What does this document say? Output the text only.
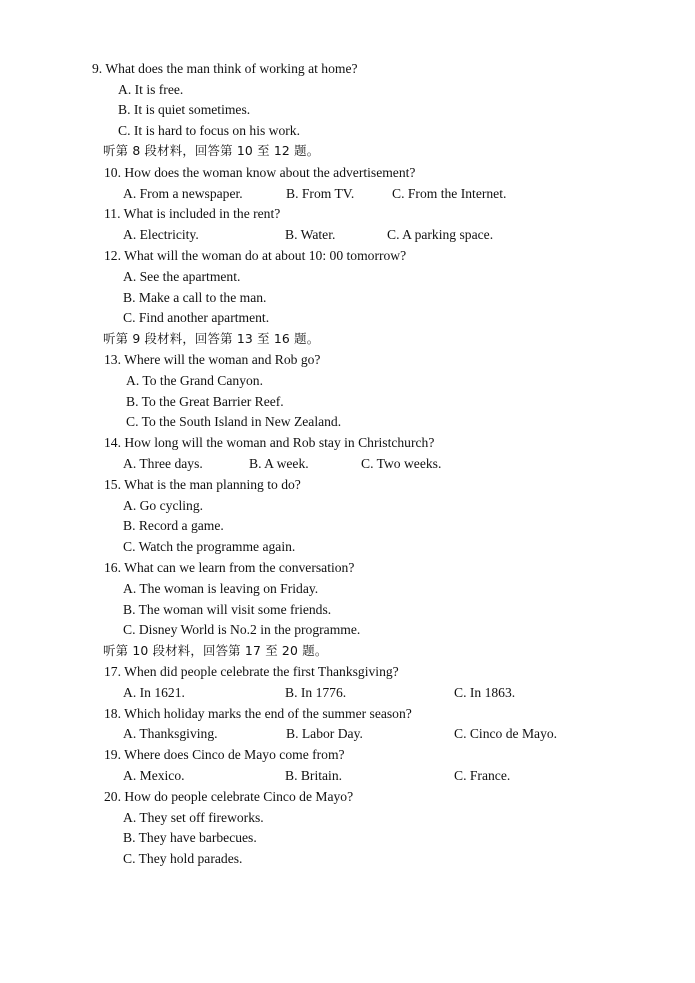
9. What does the man think of working at home?
A. It is free.
B. It is quiet sometimes.
C. It is hard to focus on his work.
听第 8 段材料，回答第 10 至 12 题。
10. How does the woman know about the advertisement?
A. From a newspaper.	B. From TV.	C. From the Internet.
11. What is included in the rent?
A. Electricity.	B. Water.	C. A parking space.
12. What will the woman do at about 10: 00 tomorrow?
A. See the apartment.
B. Make a call to the man.
C. Find another apartment.
听第 9 段材料，回答第 13 至 16 题。
13. Where will the woman and Rob go?
A. To the Grand Canyon.
B. To the Great Barrier Reef.
C. To the South Island in New Zealand.
14. How long will the woman and Rob stay in Christchurch?
A. Three days.	B. A week.	C. Two weeks.
15. What is the man planning to do?
A. Go cycling.
B. Record a game.
C. Watch the programme again.
16. What can we learn from the conversation?
A. The woman is leaving on Friday.
B. The woman will visit some friends.
C. Disney World is No.2 in the programme.
听第 10 段材料，回答第 17 至 20 题。
17. When did people celebrate the first Thanksgiving?
A. In 1621.	B. In 1776.	C. In 1863.
18. Which holiday marks the end of the summer season?
A. Thanksgiving.	B. Labor Day.	C. Cinco de Mayo.
19. Where does Cinco de Mayo come from?
A. Mexico.	B. Britain.	C. France.
20. How do people celebrate Cinco de Mayo?
A. They set off fireworks.
B. They have barbecues.
C. They hold parades.
